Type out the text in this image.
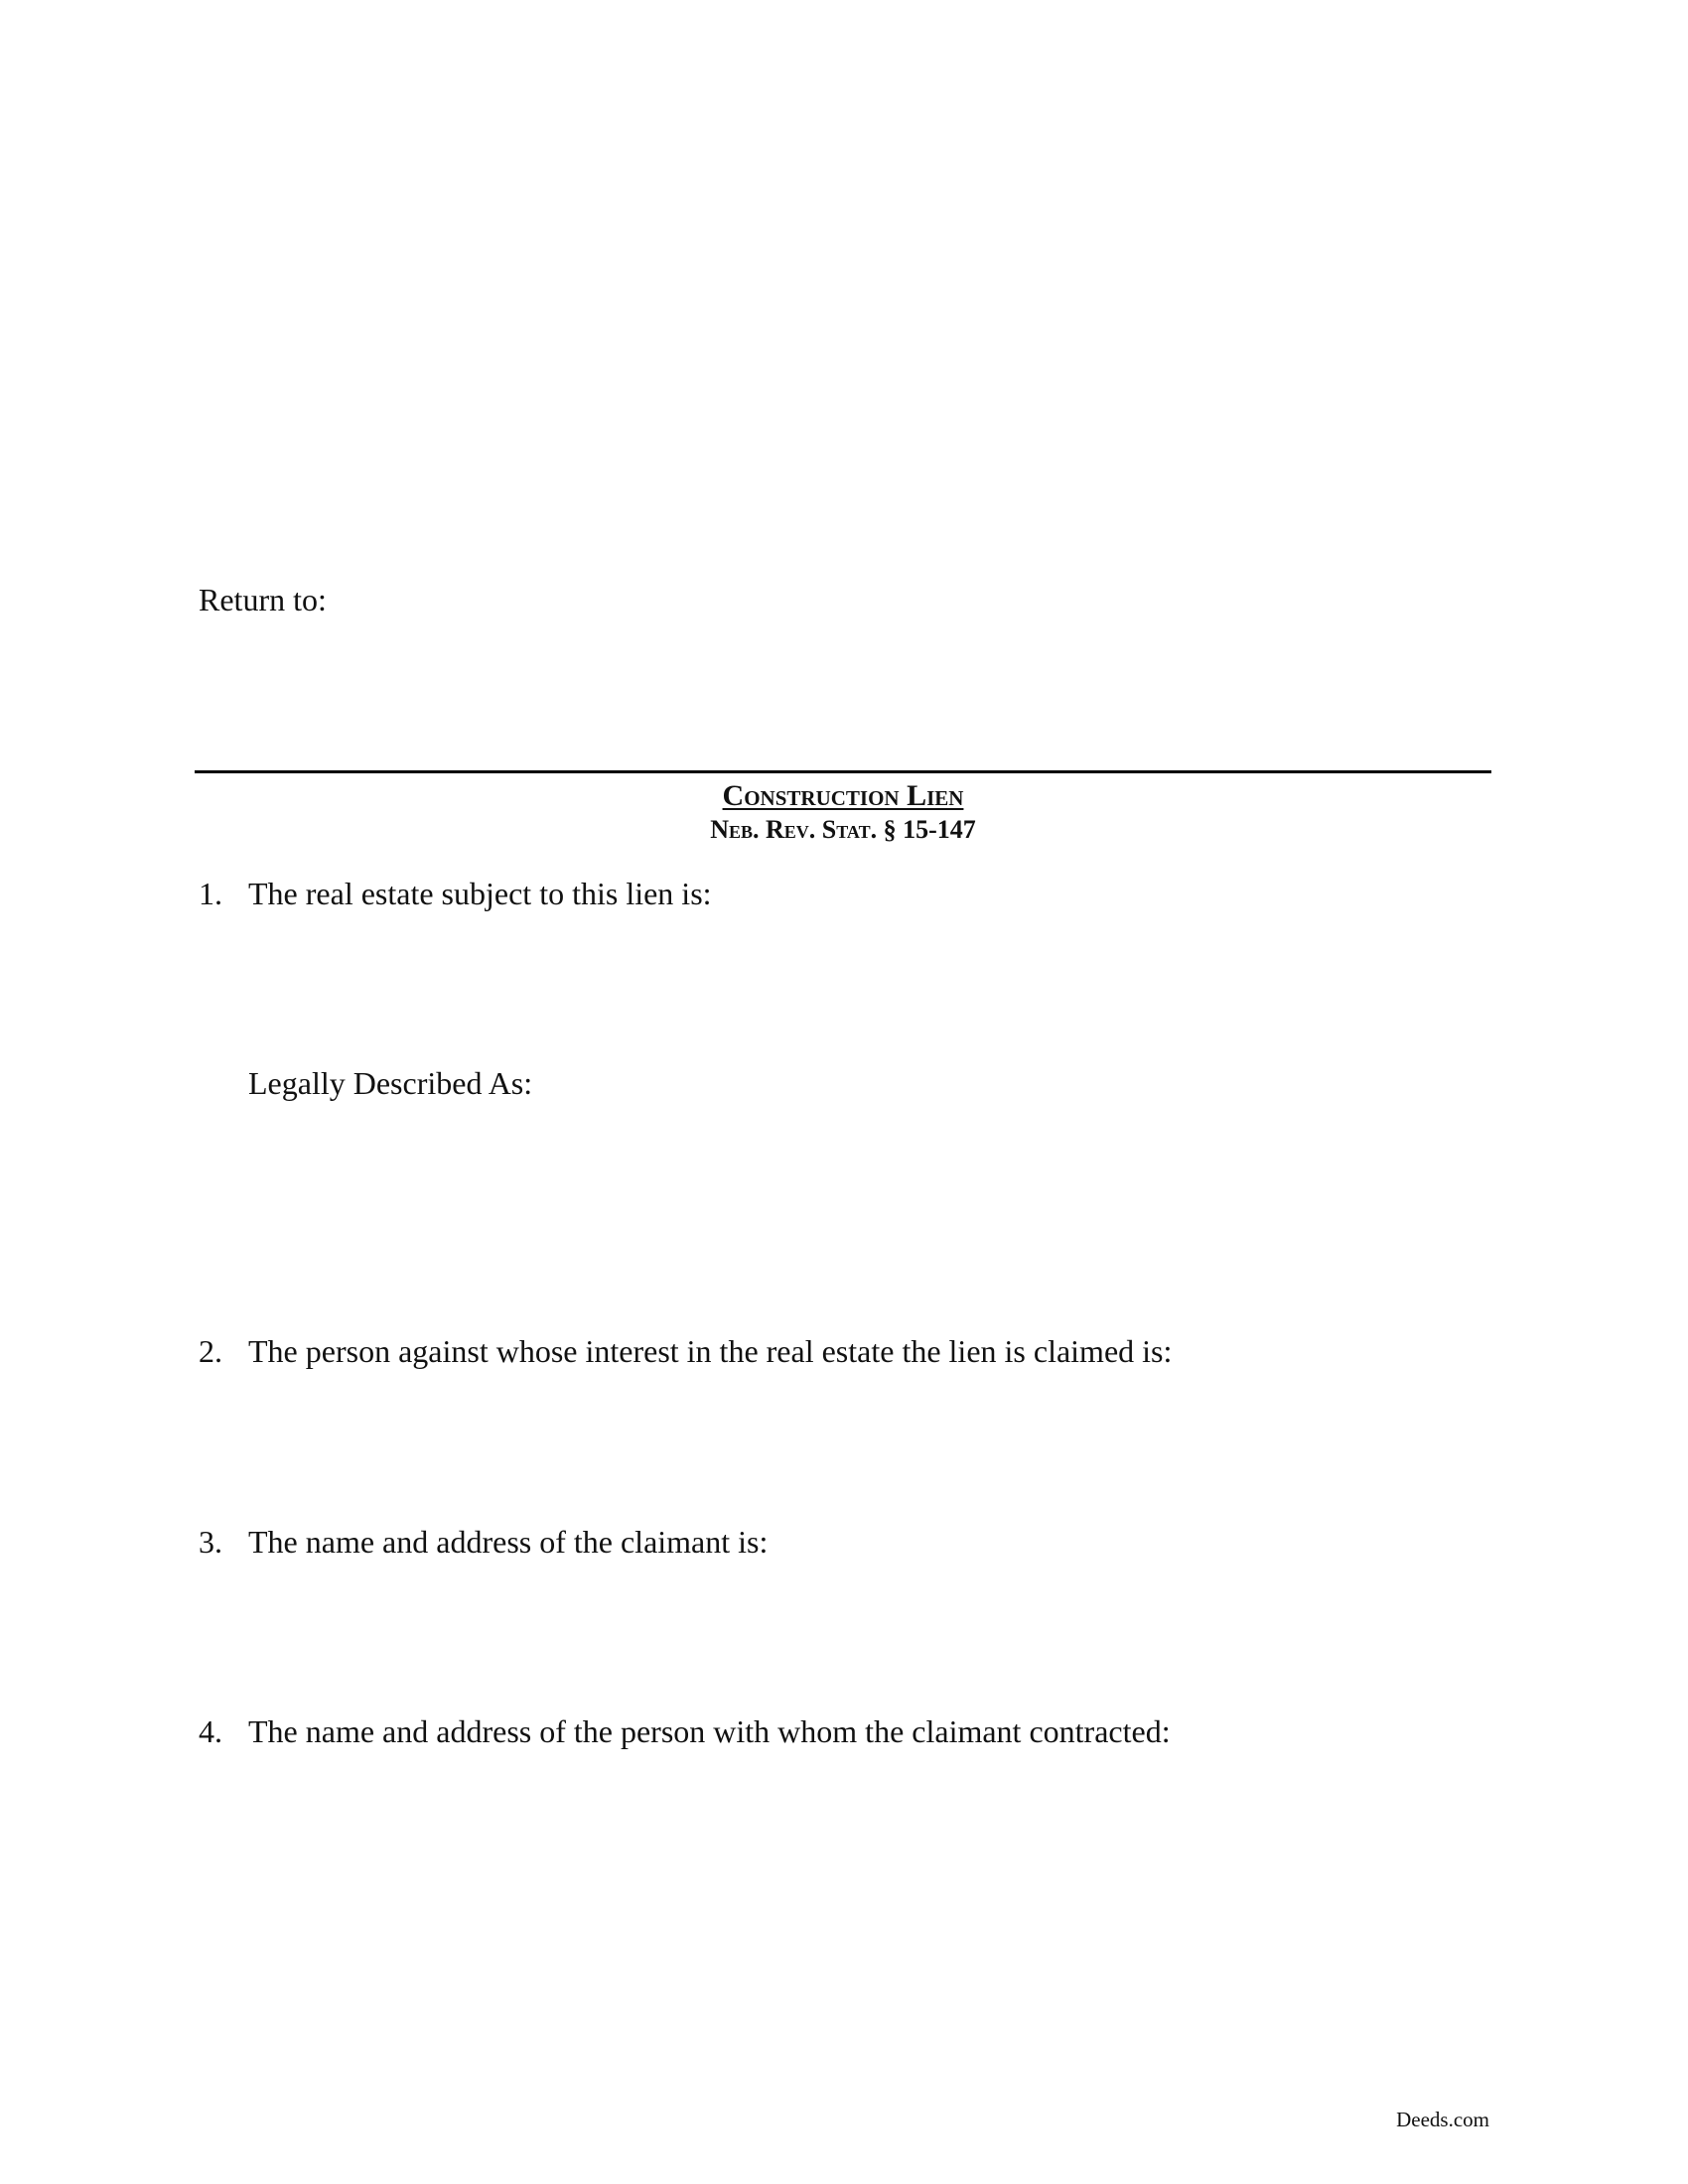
Return to:
Construction Lien
Neb. Rev. Stat. § 15-147
1. The real estate subject to this lien is:
Legally Described As:
2. The person against whose interest in the real estate the lien is claimed is:
3. The name and address of the claimant is:
4. The name and address of the person with whom the claimant contracted:
Deeds.com
